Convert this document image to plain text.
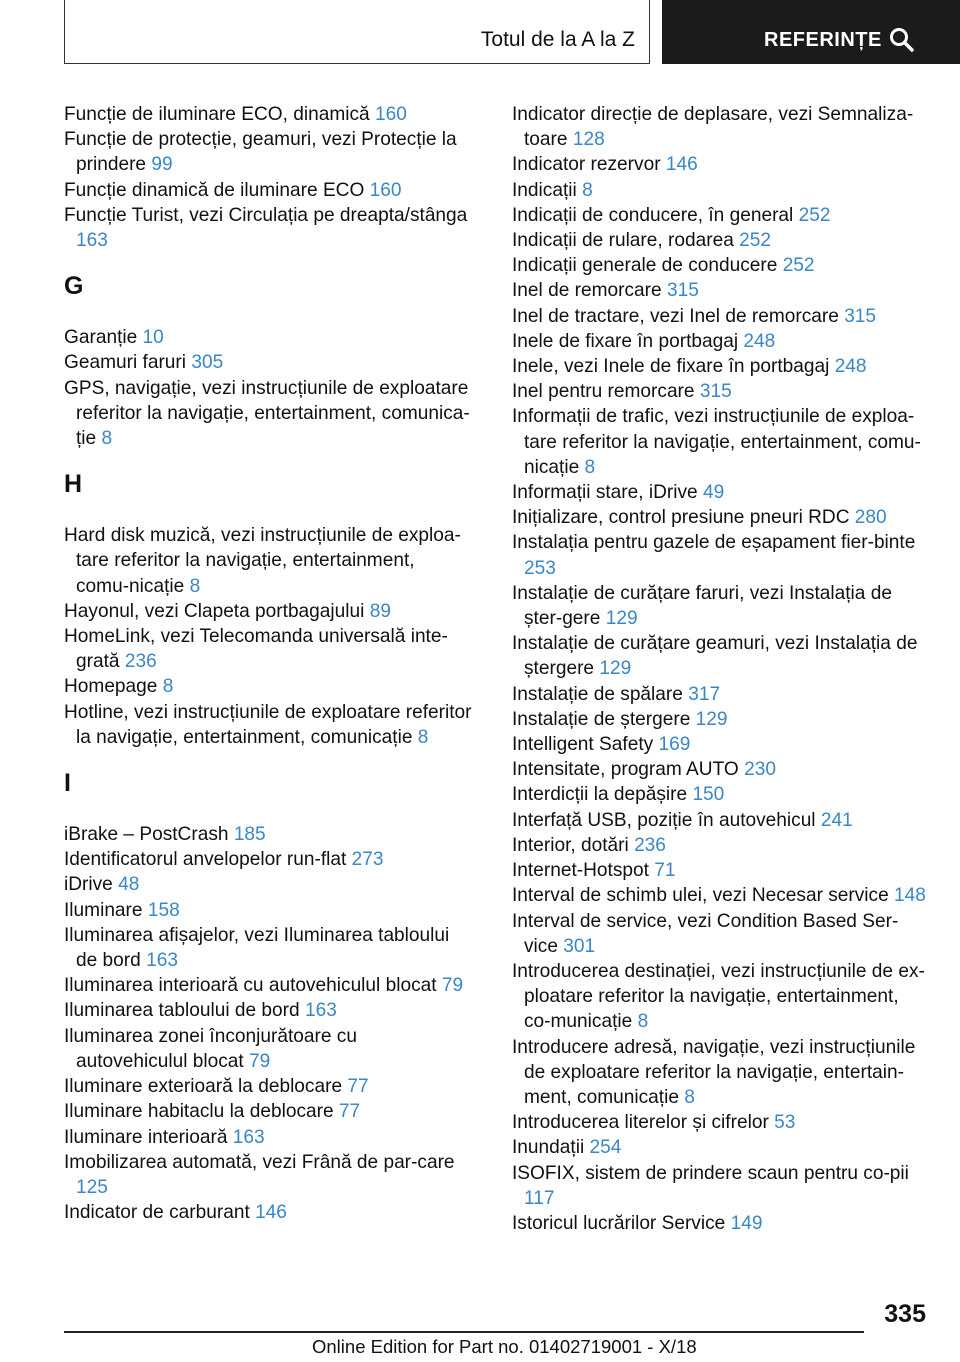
Totul de la A la Z	REFERINȚE

Funcție de iluminare ECO, dinamică 160

Funcție de protecție, geamuri, vezi Protecție la prindere 99

Funcție dinamică de iluminare ECO 160

Funcție Turist, vezi Circulația pe dreapta/stânga 163

G

Garanție 10

Geamuri faruri 305

GPS, navigație, vezi instrucțiunile de exploatare referitor la navigație, entertainment, comunica‐ție 8

H

Hard disk muzică, vezi instrucțiunile de exploa‐tare referitor la navigație, entertainment, comu‐nicație 8

Hayonul, vezi Clapeta portbagajului 89

HomeLink, vezi Telecomanda universală inte‐grată 236

Homepage 8

Hotline, vezi instrucțiunile de exploatare referitor la navigație, entertainment, comunicație 8

I

iBrake – PostCrash 185

Identificatorul anvelopelor run-flat 273

iDrive 48

Iluminare 158

Iluminarea afișajelor, vezi Iluminarea tabloului de bord 163

Iluminarea interioară cu autovehiculul blocat 79

Iluminarea tabloului de bord 163

Iluminarea zonei înconjurătoare cu autovehiculul blocat 79

Iluminare exterioară la deblocare 77

Iluminare habitaclu la deblocare 77

Iluminare interioară 163

Imobilizarea automată, vezi Frână de par‐care 125

Indicator de carburant 146

Indicator direcție de deplasare, vezi Semnaliza‐toare 128

Indicator rezervor 146

Indicații 8

Indicații de conducere, în general 252

Indicații de rulare, rodarea 252

Indicații generale de conducere 252

Inel de remorcare 315

Inel de tractare, vezi Inel de remorcare 315

Inele de fixare în portbagaj 248

Inele, vezi Inele de fixare în portbagaj 248

Inel pentru remorcare 315

Informații de trafic, vezi instrucțiunile de exploa‐tare referitor la navigație, entertainment, comu‐nicație 8

Informații stare, iDrive 49

Inițializare, control presiune pneuri RDC 280

Instalația pentru gazele de eșapament fier‐binte 253

Instalație de curățare faruri, vezi Instalația de șter‐gere 129

Instalație de curățare geamuri, vezi Instalația de ștergere 129

Instalație de spălare 317

Instalație de ștergere 129

Intelligent Safety 169

Intensitate, program AUTO 230

Interdicții la depășire 150

Interfață USB, poziție în autovehicul 241

Interior, dotări 236

Internet-Hotspot 71

Interval de schimb ulei, vezi Necesar service 148

Interval de service, vezi Condition Based Ser‐vice 301

Introducerea destinației, vezi instrucțiunile de ex‐ploatare referitor la navigație, entertainment, co‐municație 8

Introducere adresă, navigație, vezi instrucțiunile de exploatare referitor la navigație, entertain‐ment, comunicație 8

Introducerea literelor și cifrelor 53

Inundații 254

ISOFIX, sistem de prindere scaun pentru co‐pii 117

Istoricul lucrărilor Service 149

335
Online Edition for Part no. 01402719001 - X/18
